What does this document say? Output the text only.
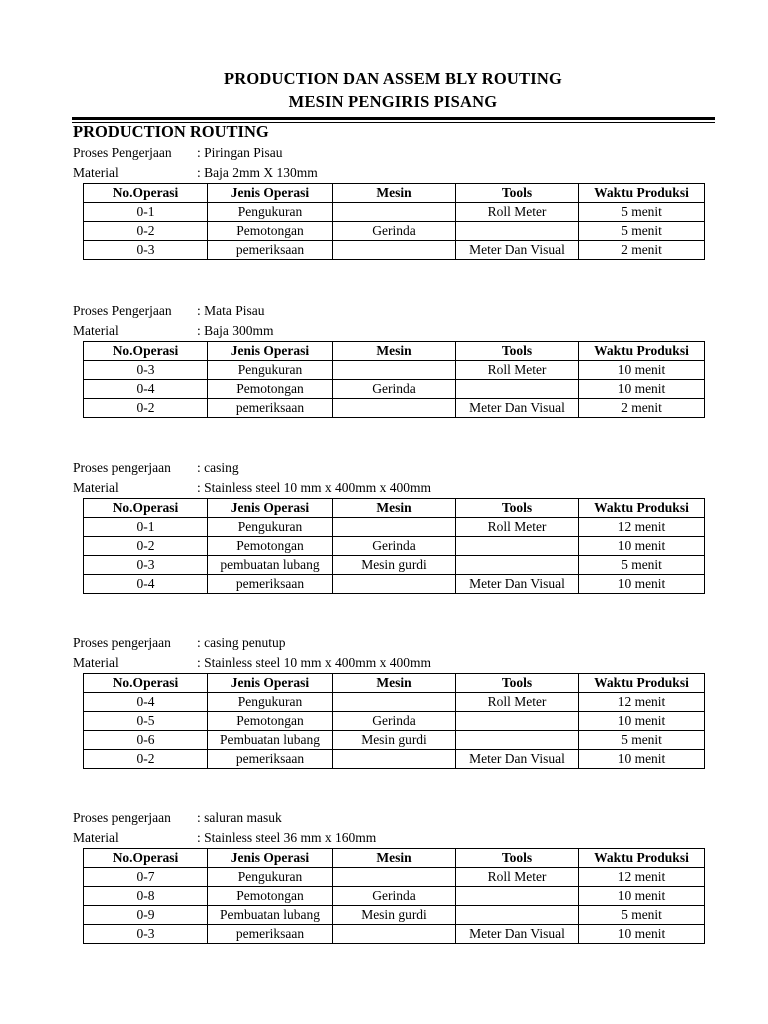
PRODUCTION DAN ASSEM BLY ROUTING
MESIN PENGIRIS PISANG
PRODUCTION ROUTING
Proses Pengerjaan : Piringan Pisau
Material	: Baja 2mm X 130mm
No.Operasi	Jenis Operasi	Mesin	Tools	Waktu Produksi
0-1	Pengukuran		Roll Meter	5 menit
0-2	Pemotongan	Gerinda		5 menit
0-3	pemeriksaan		Meter Dan Visual	2 menit
Proses Pengerjaan : Mata Pisau
Material	: Baja 300mm
No.Operasi	Jenis Operasi	Mesin	Tools	Waktu Produksi
0-3	Pengukuran		Roll Meter	10 menit
0-4	Pemotongan	Gerinda		10 menit
0-2	pemeriksaan		Meter Dan Visual	2 menit
Proses pengerjaan : casing
Material	: Stainless steel 10 mm x 400mm x 400mm
No.Operasi	Jenis Operasi	Mesin	Tools	Waktu Produksi
0-1	Pengukuran		Roll Meter	12 menit
0-2	Pemotongan	Gerinda		10 menit
0-3	pembuatan lubang	Mesin gurdi		5 menit
0-4	pemeriksaan		Meter Dan Visual	10 menit
Proses pengerjaan : casing penutup
Material	: Stainless steel 10 mm x 400mm x 400mm
No.Operasi	Jenis Operasi	Mesin	Tools	Waktu Produksi
0-4	Pengukuran		Roll Meter	12 menit
0-5	Pemotongan	Gerinda		10 menit
0-6	Pembuatan lubang	Mesin gurdi		5 menit
0-2	pemeriksaan		Meter Dan Visual	10 menit
Proses pengerjaan : saluran masuk
Material	: Stainless steel 36 mm x 160mm
No.Operasi	Jenis Operasi	Mesin	Tools	Waktu Produksi
0-7	Pengukuran		Roll Meter	12 menit
0-8	Pemotongan	Gerinda		10 menit
0-9	Pembuatan lubang	Mesin gurdi		5 menit
0-3	pemeriksaan		Meter Dan Visual	10 menit
